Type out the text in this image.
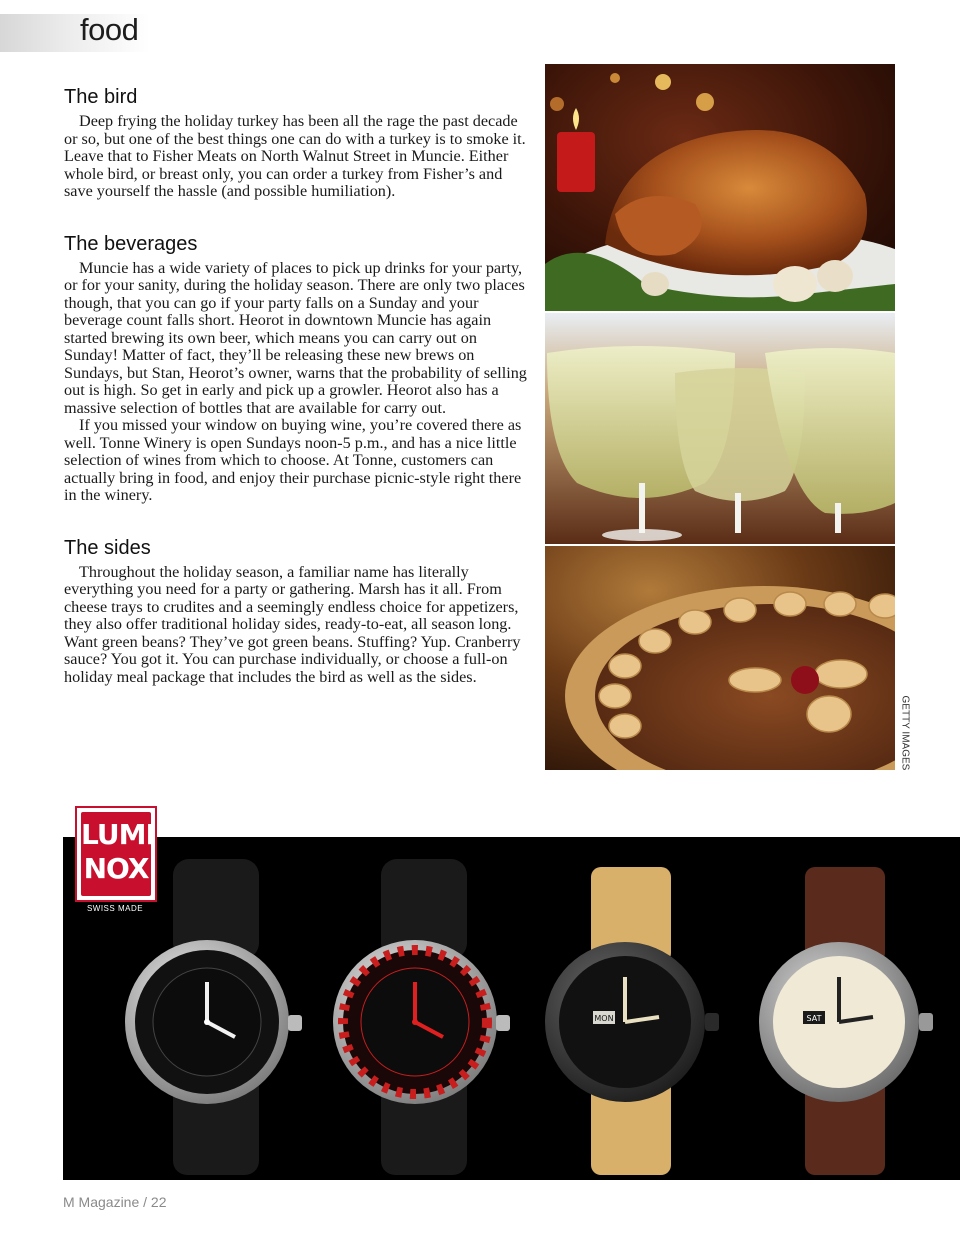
food
The bird

Deep frying the holiday turkey has been all the rage the past decade or so, but one of the best things one can do with a turkey is to smoke it. Leave that to Fisher Meats on North Walnut Street in Muncie. Either whole bird, or breast only, you can order a turkey from Fisher’s and save yourself the hassle (and possible humiliation).

The beverages

Muncie has a wide variety of places to pick up drinks for your party, or for your sanity, during the holiday season. There are only two places though, that you can go if your party falls on a Sunday and your beverage count falls short. Heorot in downtown Muncie has again started brewing its own beer, which means you can carry out on Sunday! Matter of fact, they’ll be releasing these new brews on Sundays, but Stan, Heorot’s owner, warns that the probability of selling out is high. So get in early and pick up a growler. Heorot also has a massive selection of bottles that are available for carry out.

If you missed your window on buying wine, you’re covered there as well. Tonne Winery is open Sundays noon-5 p.m., and has a nice little selection of wines from which to choose. At Tonne, customers can actually bring in food, and enjoy their purchase picnic-style right there in the winery.

The sides

Throughout the holiday season, a familiar name has literally everything you need for a party or gathering. Marsh has it all. From cheese trays to crudites and a seemingly endless choice for appetizers, they also offer traditional holiday sides, ready-to-eat, all season long. Want green beans? They’ve got green beans. Stuffing? Yup. Cranberry sauce? You got it. You can purchase individually, or choose a full-on holiday meal package that includes the bird as well as the sides.

GETTY IMAGES
MON	SAT
LUMI
NOX
SWISS MADE
M Magazine / 22
